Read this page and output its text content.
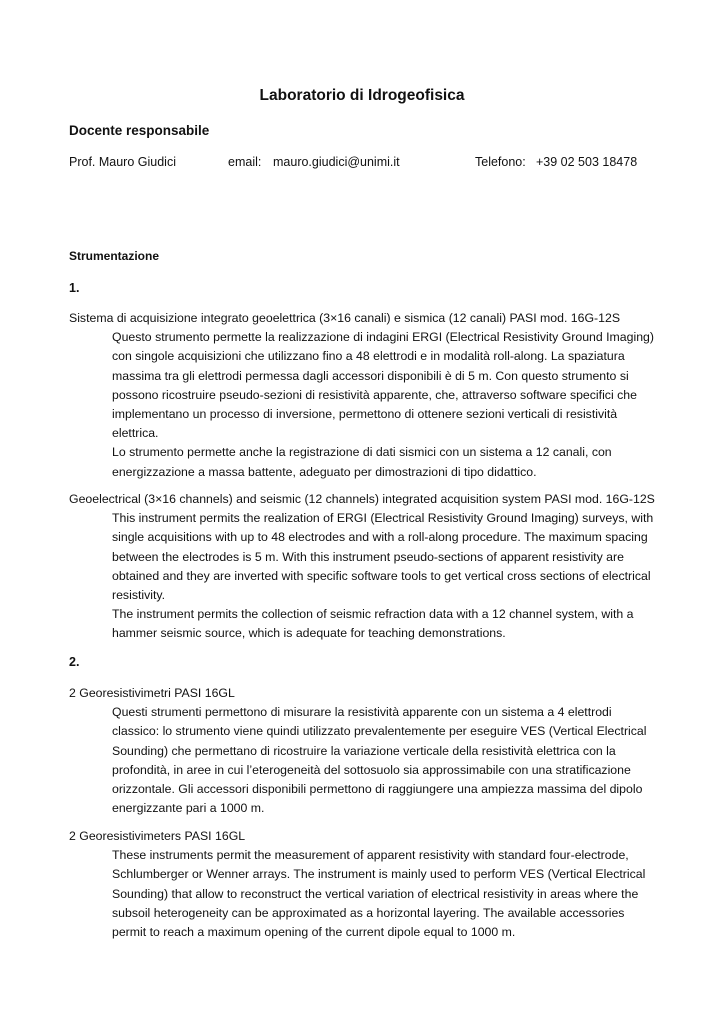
Laboratorio di Idrogeofisica
Docente responsabile
Prof. Mauro Giudici	email: mauro.giudici@unimi.it	Telefono: +39 02 503 18478
Strumentazione
1.
Sistema di acquisizione integrato geoelettrica (3×16 canali) e sismica (12 canali) PASI mod. 16G-12S

Questo strumento permette la realizzazione di indagini ERGI (Electrical Resistivity Ground Imaging) con singole acquisizioni che utilizzano fino a 48 elettrodi e in modalità roll-along. La spaziatura massima tra gli elettrodi permessa dagli accessori disponibili è di 5 m. Con questo strumento si possono ricostruire pseudo-sezioni di resistività apparente, che, attraverso software specifici che implementano un processo di inversione, permettono di ottenere sezioni verticali di resistività elettrica.

Lo strumento permette anche la registrazione di dati sismici con un sistema a 12 canali, con energizzazione a massa battente, adeguato per dimostrazioni di tipo didattico.

Geoelectrical (3×16 channels) and seismic (12 channels) integrated acquisition system PASI mod. 16G-12S

This instrument permits the realization of ERGI (Electrical Resistivity Ground Imaging) surveys, with single acquisitions with up to 48 electrodes and with a roll-along procedure. The maximum spacing between the electrodes is 5 m. With this instrument pseudo-sections of apparent resistivity are obtained and they are inverted with specific software tools to get vertical cross sections of electrical resistivity.

The instrument permits the collection of seismic refraction data with a 12 channel system, with a hammer seismic source, which is adequate for teaching demonstrations.

2.
2 Georesistivimetri PASI 16GL

Questi strumenti permettono di misurare la resistività apparente con un sistema a 4 elettrodi classico: lo strumento viene quindi utilizzato prevalentemente per eseguire VES (Vertical Electrical Sounding) che permettano di ricostruire la variazione verticale della resistività elettrica con la profondità, in aree in cui l’eterogeneità del sottosuolo sia approssimabile con una stratificazione orizzontale. Gli accessori disponibili permettono di raggiungere una ampiezza massima del dipolo energizzante pari a 1000 m.

2 Georesistivimeters PASI 16GL

These instruments permit the measurement of apparent resistivity with standard four-electrode, Schlumberger or Wenner arrays. The instrument is mainly used to perform VES (Vertical Electrical Sounding) that allow to reconstruct the vertical variation of electrical resistivity in areas where the subsoil heterogeneity can be approximated as a horizontal layering. The available accessories permit to reach a maximum opening of the current dipole equal to 1000 m.
